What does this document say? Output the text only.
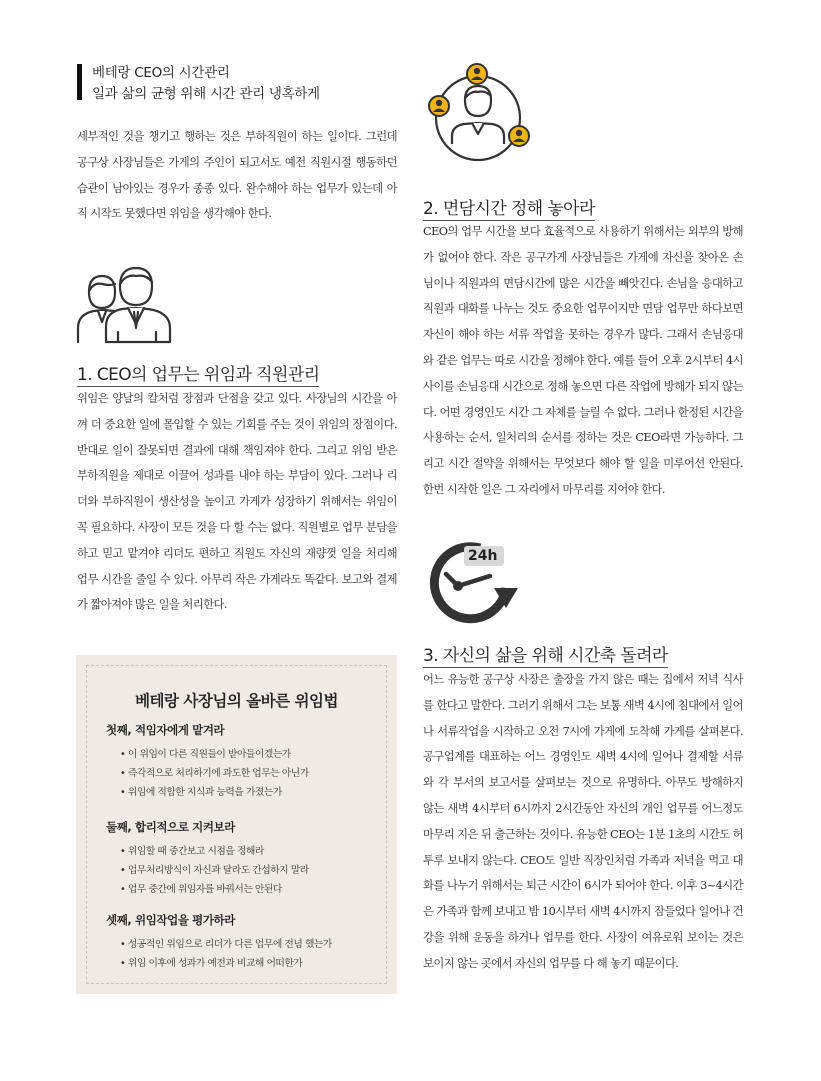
베테랑 CEO의 시간관리
일과 삶의 균형 위해 시간 관리 냉혹하게

세부적인 것을 챙기고 행하는 것은 부하직원이 하는 일이다. 그런데 공구상 사장님들은 가게의 주인이 되고서도 예전 직원시절 행동하던 습관이 남아있는 경우가 종종 있다. 완수해야 하는 업무가 있는데 아직 시작도 못했다면 위임을 생각해야 한다.

1. CEO의 업무는 위임과 직원관리

위임은 양날의 칼처럼 장점과 단점을 갖고 있다. 사장님의 시간을 아껴 더 중요한 일에 몰입할 수 있는 기회를 주는 것이 위임의 장점이다. 반대로 일이 잘못되면 결과에 대해 책임져야 한다. 그리고 위임 받은 부하직원을 제대로 이끌어 성과를 내야 하는 부담이 있다. 그러나 리더와 부하직원이 생산성을 높이고 가게가 성장하기 위해서는 위임이 꼭 필요하다. 사장이 모든 것을 다 할 수는 없다. 직원별로 업무 분담을 하고 믿고 맡겨야 리더도 편하고 직원도 자신의 재량껏 일을 처리해 업무 시간을 줄일 수 있다. 아무리 작은 가게라도 똑같다. 보고와 결제가 짧아져야 많은 일을 처리한다.

2. 면담시간 정해 놓아라

CEO의 업무 시간을 보다 효율적으로 사용하기 위해서는 외부의 방해가 없어야 한다. 작은 공구가게 사장님들은 가게에 자신을 찾아온 손님이나 직원과의 면담시간에 많은 시간을 빼앗긴다. 손님을 응대하고 직원과 대화를 나누는 것도 중요한 업무이지만 면담 업무만 하다보면 자신이 해야 하는 서류 작업을 못하는 경우가 많다. 그래서 손님응대와 같은 업무는 따로 시간을 정해야 한다. 예를 들어 오후 2시부터 4시 사이를 손님응대 시간으로 정해 놓으면 다른 작업에 방해가 되지 않는다. 어떤 경영인도 시간 그 자체를 늘릴 수 없다. 그러나 한정된 시간을 사용하는 순서, 일처리의 순서를 정하는 것은 CEO라면 가능하다. 그리고 시간 절약을 위해서는 무엇보다 해야 할 일을 미루어선 안된다. 한번 시작한 일은 그 자리에서 마무리를 지어야 한다.

24h
3. 자신의 삶을 위해 시간축 돌려라

어느 유능한 공구상 사장은 출장을 가지 않은 때는 집에서 저녁 식사를 한다고 말한다. 그러기 위해서 그는 보통 새벽 4시에 침대에서 일어나 서류작업을 시작하고 오전 7시에 가게에 도착해 가게를 살펴본다. 공구업계를 대표하는 어느 경영인도 새벽 4시에 일어나 결제할 서류와 각 부서의 보고서를 살펴보는 것으로 유명하다. 아무도 방해하지 않는 새벽 4시부터 6시까지 2시간동안 자신의 개인 업무를 어느정도 마무리 지은 뒤 출근하는 것이다. 유능한 CEO는 1분 1초의 시간도 허투루 보내지 않는다. CEO도 일반 직장인처럼 가족과 저녁을 먹고 대화를 나누기 위해서는 퇴근 시간이 6시가 되어야 한다. 이후 3~4시간은 가족과 함께 보내고 밤 10시부터 새벽 4시까지 잠들었다 일어나 건강을 위해 운동을 하거나 업무를 한다. 사장이 여유로워 보이는 것은 보이지 않는 곳에서 자신의 업무를 다 해 놓기 때문이다.

베테랑 사장님의 올바른 위임법
첫째, 적임자에게 맡겨라
• 이 위임이 다른 직원들이 받아들이겠는가
• 즉각적으로 처리하기에 과도한 업무는 아닌가
• 위임에 적합한 지식과 능력을 가졌는가
둘째, 합리적으로 지켜보라
• 위임할 때 중간보고 시점을 정해라
• 업무처리방식이 자신과 달라도 간섭하지 말라
• 업무 중간에 위임자를 바꿔서는 안된다
셋째, 위임작업을 평가하라
• 성공적인 위임으로 리더가 다른 업무에 전념 했는가
• 위임 이후에 성과가 예전과 비교해 어떠한가
